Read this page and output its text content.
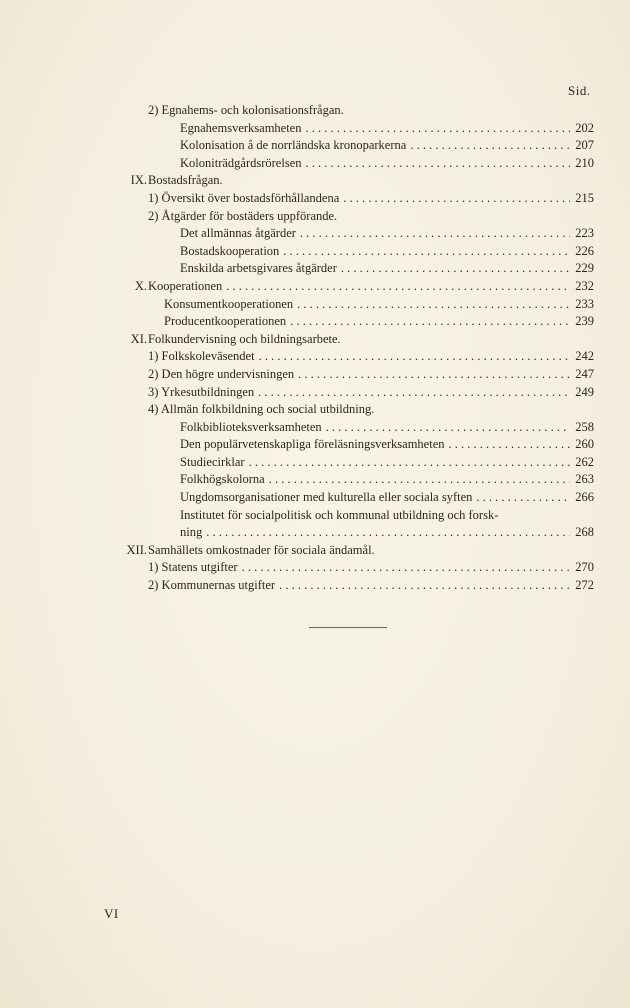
Sid.
2) Egnahems- och kolonisationsfrågan.
Egnahemsverksamheten . . .	202
Kolonisation å de norrländska kronoparkerna . . .	207
Koloniträdgårdsrörelsen . . .	210
IX. Bostadsfrågan.
1) Översikt över bostadsförhållandena . . .	215
2) Åtgärder för bostäders uppförande.
Det allmännas åtgärder . . .	223
Bostadskooperation . . .	226
Enskilda arbetsgivares åtgärder . . .	229
X. Kooperationen . . .	232
Konsumentkooperationen . . .	233
Producentkooperationen . . .	239
XI. Folkundervisning och bildningsarbete.
1) Folkskoleväsendet . . .	242
2) Den högre undervisningen . . .	247
3) Yrkesutbildningen . . .	249
4) Allmän folkbildning och social utbildning.
Folkbiblioteksverksamheten . . .	258
Den populärvetenskapliga föreläsningsverksamheten . . .	260
Studiecirklar . . .	262
Folkhögskolorna . . .	263
Ungdomsorganisationer med kulturella eller sociala syften . . .	266
Institutet för socialpolitisk och kommunal utbildning och forsk-
ning . . .	268
XII. Samhällets omkostnader för sociala ändamål.
1) Statens utgifter . . .	270
2) Kommunernas utgifter . . .	272
VI
